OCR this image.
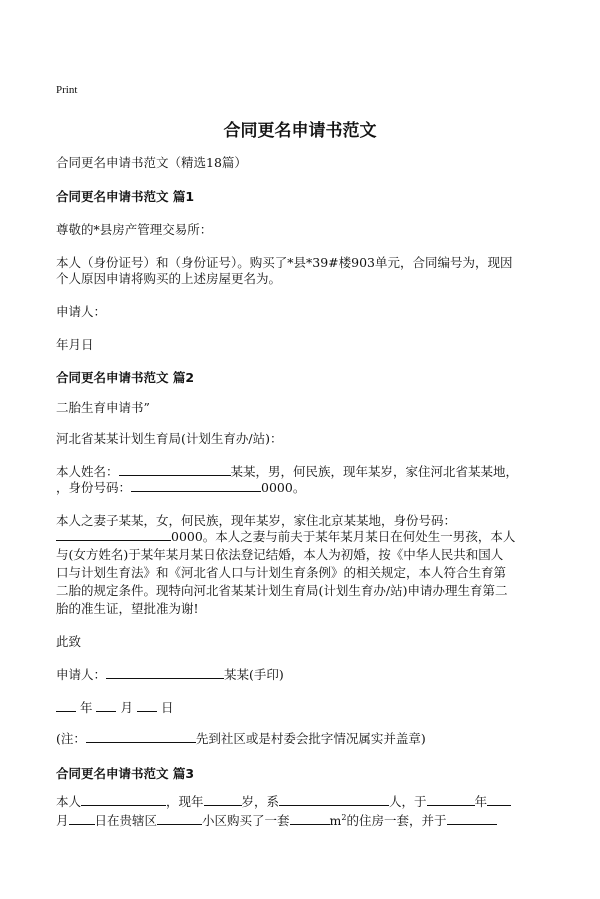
Print
合同更名申请书范文

合同更名申请书范文（精选18篇）

合同更名申请书范文 篇1

尊敬的*县房产管理交易所：

本人（身份证号）和（身份证号）。购买了*县*39#楼903单元，合同编号为，现因

个人原因申请将购买的上述房屋更名为。

申请人：

年月日

合同更名申请书范文 篇2

二胎生育申请书”

河北省某某计划生育局(计划生育办/站)：

本人姓名：	某某，男，何民族，现年某岁，家住河北省某某地，

，身份号码：	0000。

本人之妻子某某，女，何民族，现年某岁，家住北京某某地，身份号码：

0000。本人之妻与前夫于某年某月某日在何处生一男孩，本人

与(女方姓名)于某年某月某日依法登记结婚，本人为初婚，按《中华人民共和国人

口与计划生育法》和《河北省人口与计划生育条例》的相关规定，本人符合生育第

二胎的规定条件。现特向河北省某某计划生育局(计划生育办/站)申请办理生育第二

胎的准生证，望批准为谢!

此致

申请人：	某某(手印)

年 月 日

(注：	先到社区或是村委会批字情况属实并盖章)

合同更名申请书范文 篇3

本人	，现年	岁，系	人，于	年

月 日在贵辖区	小区购买了一套	$m^2$的住房一套，并于
